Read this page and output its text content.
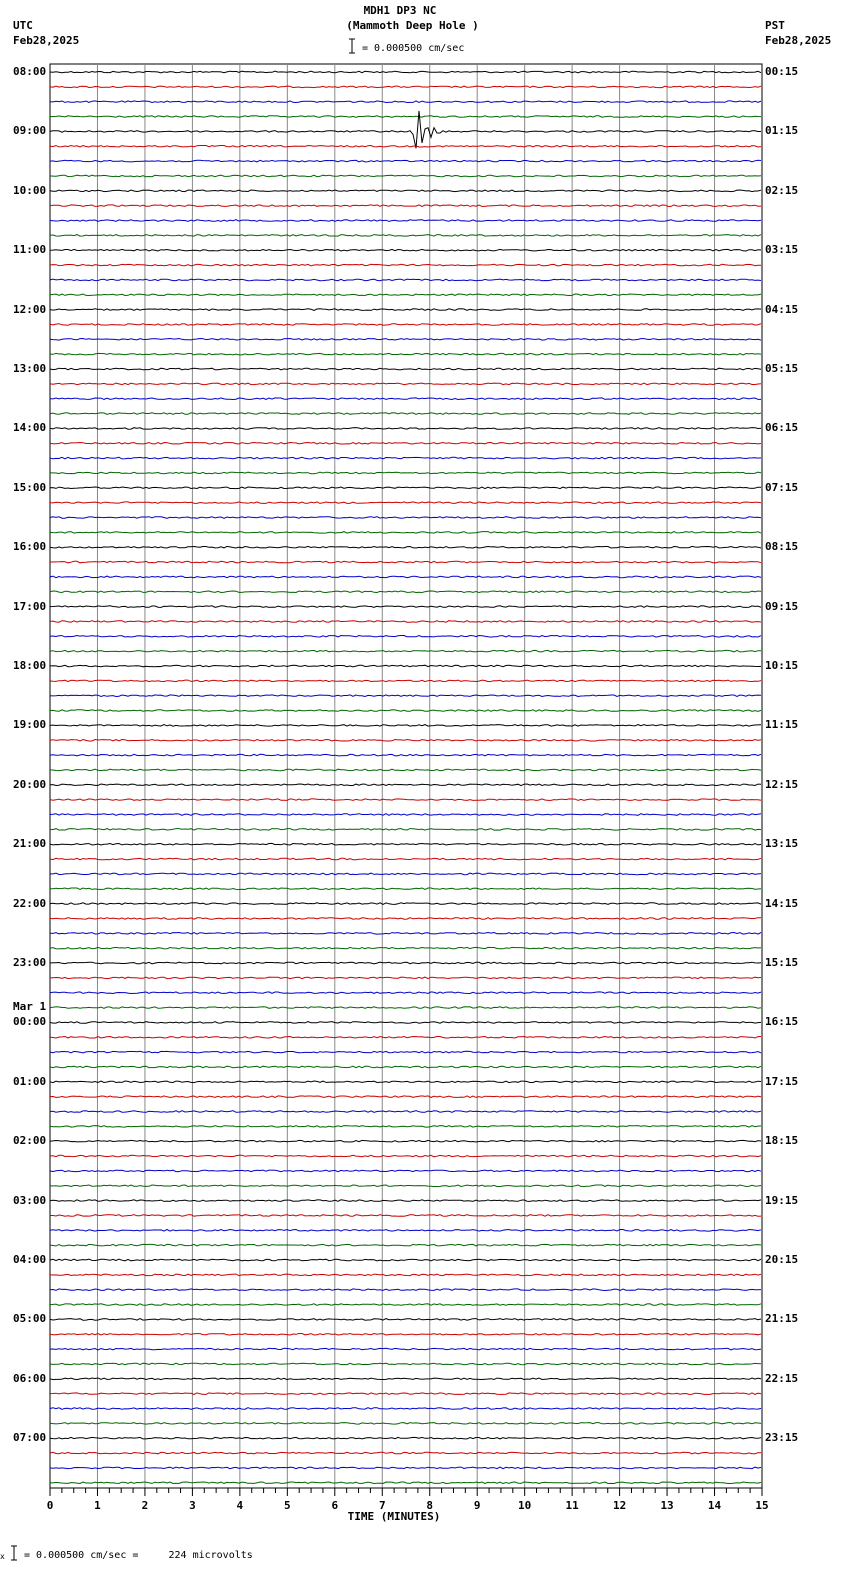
MDH1 DP3 NC
(Mammoth Deep Hole )
UTC
Feb28,2025
PST
Feb28,2025
= 0.000500 cm/sec
0	1	2	3	4	5	6	7	8	9	10	11	12	13	14	15
TIME (MINUTES)
08:00
09:00
10:00
11:00
12:00
13:00
14:00
15:00
16:00
17:00
18:00
19:00
20:00
21:00
22:00
23:00
00:00
01:00
02:00
03:00
04:00
05:00
06:00
07:00
00:15
01:15
02:15
03:15
04:15
05:15
06:15
07:15
08:15
09:15
10:15
11:15
12:15
13:15
14:15
15:15
16:15
17:15
18:15
19:15
20:15
21:15
22:15
23:15
Mar 1
x = 0.000500 cm/sec =     224 microvolts
